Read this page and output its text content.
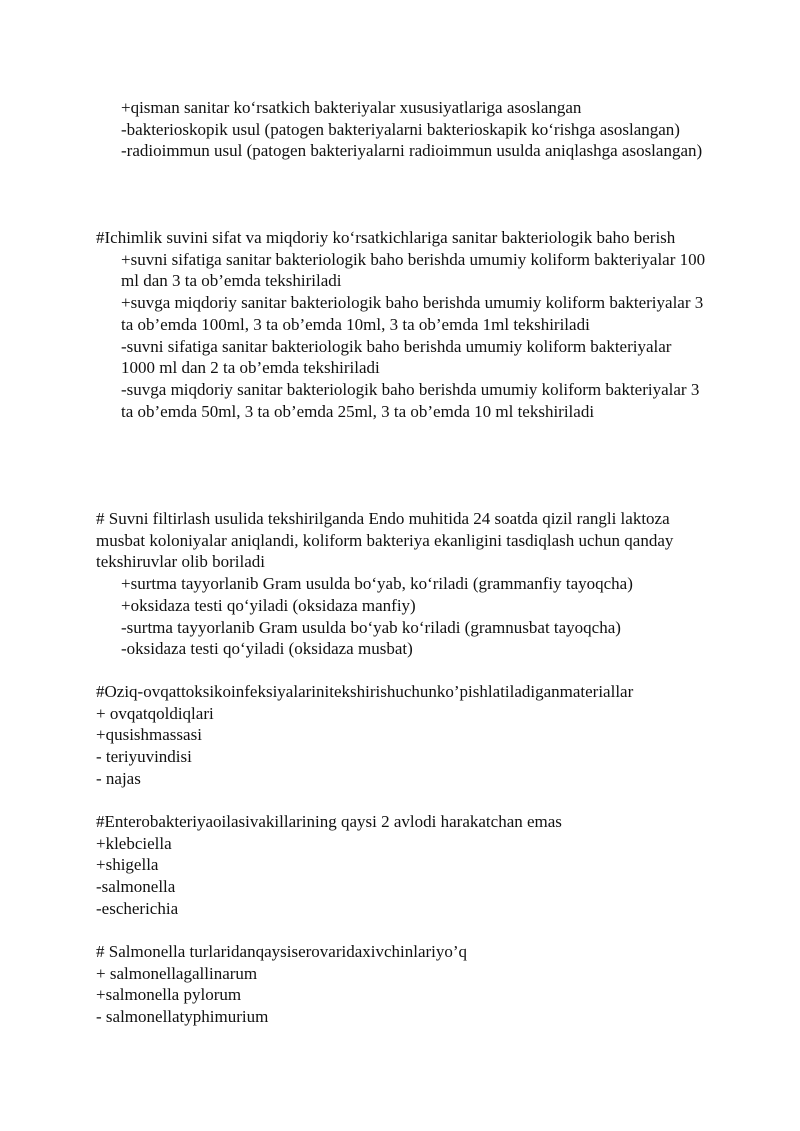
+qisman sanitar ko‘rsatkich bakteriyalar xususiyatlariga asoslangan

-bakterioskopik usul (patogen bakteriyalarni bakterioskapik ko‘rishga asoslangan)

-radioimmun usul (patogen bakteriyalarni radioimmun usulda aniqlashga asoslangan)

#Ichimlik suvini sifat va miqdoriy ko‘rsatkichlariga sanitar bakteriologik baho berish

+suvni sifatiga sanitar bakteriologik baho berishda umumiy koliform bakteriyalar 100 ml dan 3 ta ob’emda tekshiriladi

+suvga miqdoriy sanitar bakteriologik baho berishda umumiy koliform bakteriyalar 3 ta ob’emda 100ml, 3 ta ob’emda 10ml, 3 ta ob’emda 1ml tekshiriladi

-suvni sifatiga sanitar bakteriologik baho berishda umumiy koliform bakteriyalar 1000 ml dan 2 ta ob’emda tekshiriladi

-suvga miqdoriy sanitar bakteriologik baho berishda umumiy koliform bakteriyalar 3 ta ob’emda 50ml, 3 ta ob’emda 25ml, 3 ta ob’emda 10 ml tekshiriladi

# Suvni filtirlash usulida tekshirilganda Endo muhitida 24 soatda qizil rangli laktoza musbat koloniyalar aniqlandi, koliform bakteriya ekanligini tasdiqlash uchun qanday tekshiruvlar olib boriladi

+surtma tayyorlanib Gram usulda bo‘yab, ko‘riladi (grammanfiy tayoqcha)

+oksidaza testi qo‘yiladi (oksidaza manfiy)

-surtma tayyorlanib Gram usulda bo‘yab ko‘riladi (gramnusbat tayoqcha)

-oksidaza testi qo‘yiladi (oksidaza musbat)

#Oziq-ovqattoksikoinfeksiyalarinitekshirishuchunko’pishlatiladiganmateriallar

+ ovqatqoldiqlari

+qusishmassasi

- teriyuvindisi

- najas

#Enterobakteriyaoilasivakillarining qaysi 2 avlodi harakatchan emas

+klebciella

+shigella

-salmonella

-escherichia

# Salmonella turlaridanqaysiserovaridaxivchinlariyo’q

+ salmonellagallinarum

+salmonella pylorum

- salmonellatyphimurium
